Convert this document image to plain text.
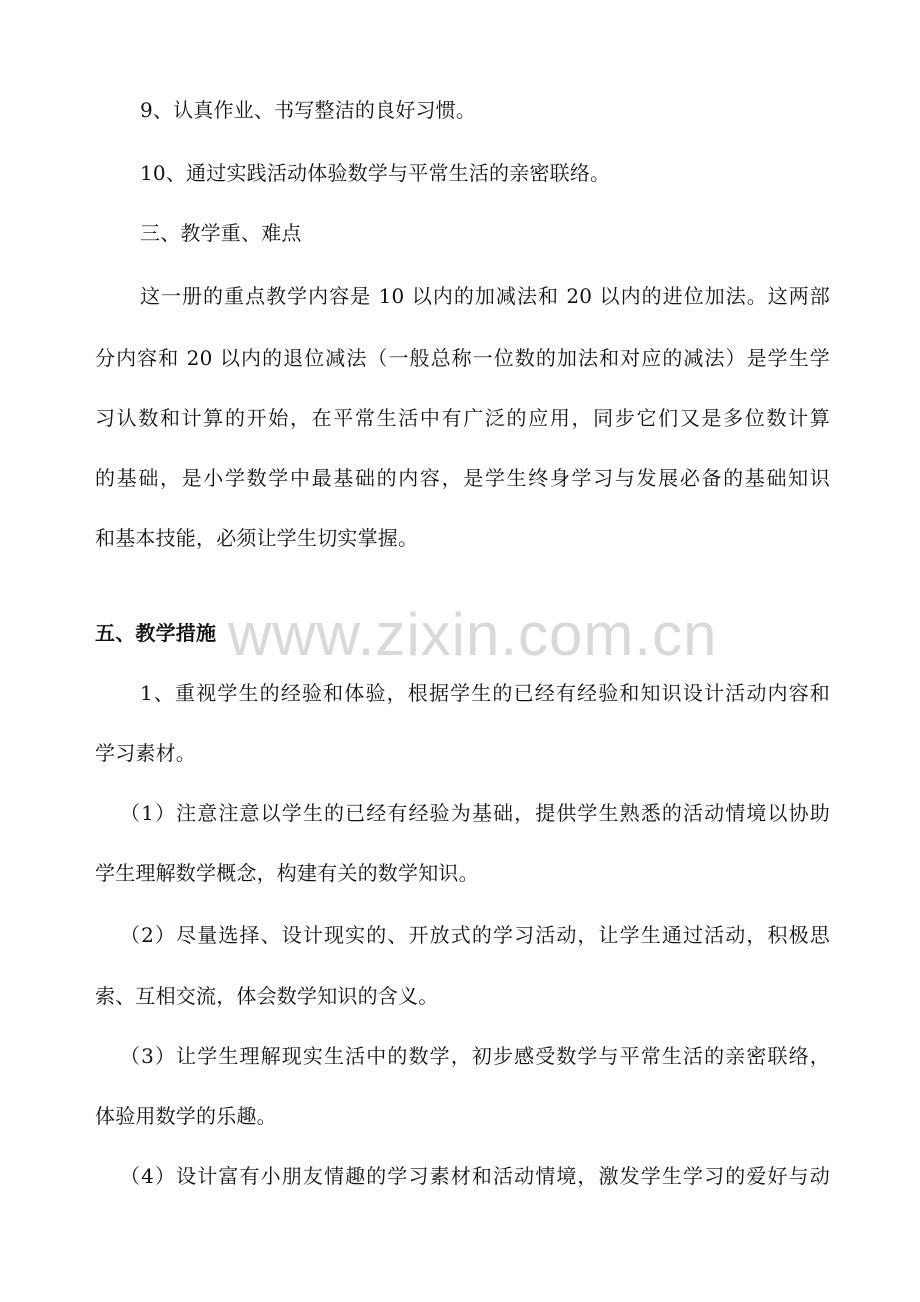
www.zixin.com.cn
9、认真作业、书写整洁的良好习惯。
10、通过实践活动体验数学与平常生活的亲密联络。
三、教学重、难点
这一册的重点教学内容是 10 以内的加减法和 20 以内的进位加法。这两部
分内容和 20 以内的退位减法（一般总称一位数的加法和对应的减法）是学生学
习认数和计算的开始，在平常生活中有广泛的应用，同步它们又是多位数计算
的基础，是小学数学中最基础的内容，是学生终身学习与发展必备的基础知识
和基本技能，必须让学生切实掌握。
五、教学措施
1、重视学生的经验和体验，根据学生的已经有经验和知识设计活动内容和
学习素材。
（1）注意注意以学生的已经有经验为基础，提供学生熟悉的活动情境以协助
学生理解数学概念，构建有关的数学知识。
（2）尽量选择、设计现实的、开放式的学习活动，让学生通过活动，积极思
索、互相交流，体会数学知识的含义。
（3）让学生理解现实生活中的数学，初步感受数学与平常生活的亲密联络，
体验用数学的乐趣。
（4）设计富有小朋友情趣的学习素材和活动情境，激发学生学习的爱好与动
